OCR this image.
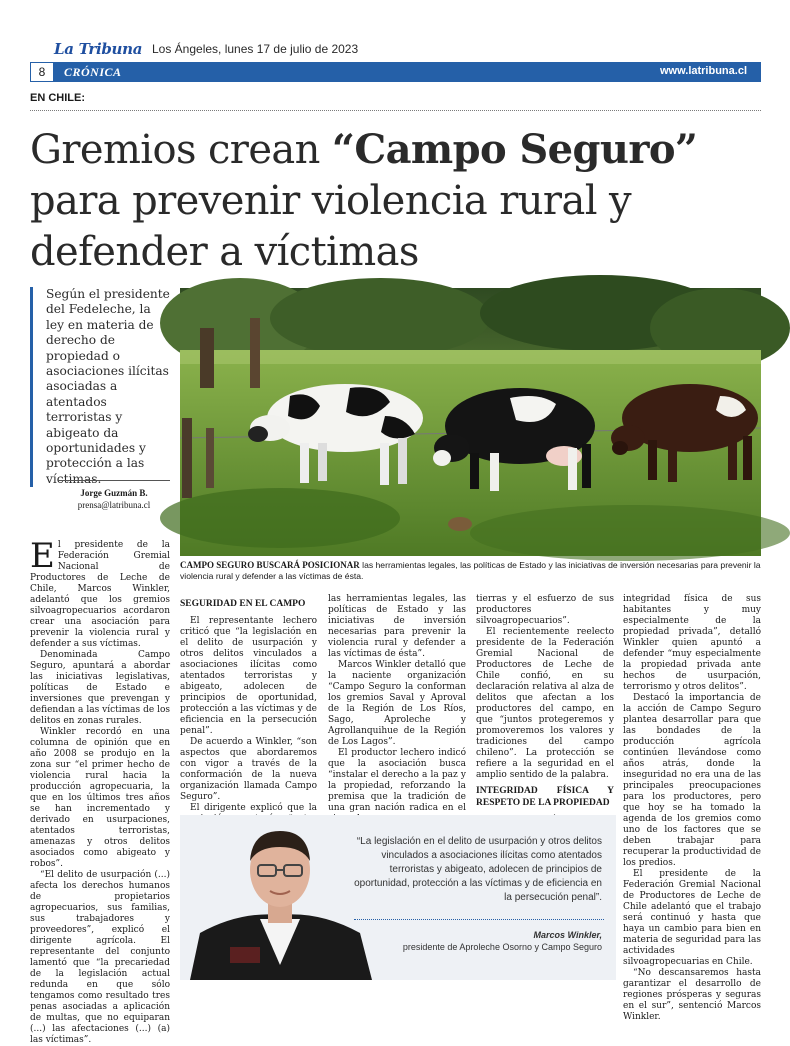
La Tribuna Los Ángeles, lunes 17 de julio de 2023
8	CRÓNICA	www.latribuna.cl
EN CHILE:
Gremios crean “Campo Seguro” para prevenir violencia rural y defender a víctimas
Según el presidente del Fedeleche, la ley en materia de derecho de propiedad o asociaciones ilícitas asociadas a atentados terroristas y abigeato da oportunidades y protección a las víctimas.
Jorge Guzmán B.
prensa@latribuna.cl
CAMPO SEGURO BUSCARÁ POSICIONAR las herramientas legales, las políticas de Estado y las iniciativas de inversión necesarias para prevenir la violencia rural y defender a las víctimas de ésta.

El presidente de la Federación Gremial Nacional de Productores de Leche de Chile, Marcos Winkler, adelantó que los gremios silvoagropecuarios acordaron crear una asociación para prevenir la violencia rural y defender a sus víctimas.

Denominada Campo Seguro, apuntará a abordar las iniciativas legislativas, políticas de Estado e inversiones que prevengan y defiendan a las víctimas de los delitos en zonas rurales.

Winkler recordó en una columna de opinión que en año 2008 se produjo en la zona sur “el primer hecho de violencia rural hacia la producción agropecuaria, la que en los últimos tres años se han incrementado y derivado en usurpaciones, atentados terroristas, amenazas y otros delitos asociados como abigeato y robos”.

“El delito de usurpación (...) afecta los derechos humanos de propietarios agropecuarios, sus familias, sus trabajadores y proveedores”, explicó el dirigente agrícola. El representante del conjunto lamentó que “la precariedad de la legislación actual redunda en que sólo tengamos como resultado tres penas asociadas a aplicación de multas, que no equiparan (...) las afectaciones (...) (a) las víctimas”.

SEGURIDAD EN EL CAMPO

El representante lechero criticó que “la legislación en el delito de usurpación y otros delitos vinculados a asociaciones ilícitas como atentados terroristas y abigeato, adolecen de principios de oportunidad, protección a las víctimas y de eficiencia en la persecución penal”.

De acuerdo a Winkler, “son aspectos que abordaremos con vigor a través de la conformación de la nueva organización llamada Campo Seguro”.

El dirigente explicó que la

las herramientas legales, las políticas de Estado y las iniciativas de inversión necesarias para prevenir la violencia rural y defender a las víctimas de ésta”.

Marcos Winkler detalló que la naciente organización “Campo Seguro la conforman los gremios Saval y Aproval de la Región de Los Ríos, Sago, Aproleche y Agrollanquihue de la Región de Los Lagos”.

El productor lechero indicó que la asociación busca “instalar el derecho a la paz y la propiedad, reforzando la premisa que la tradición de una gran nación radica en el

tierras y el esfuerzo de sus productores silvoagropecuarios”.

El recientemente reelecto presidente de la Federación Gremial Nacional de Productores de Leche de Chile confió, en su declaración relativa al alza de delitos que afectan a los productores del campo, en que “juntos protegeremos y promoveremos los valores y tradiciones del campo chileno”. La protección se refiere a la seguridad en el amplio sentido de la palabra.

INTEGRIDAD FÍSICA Y RESPETO DE LA PROPIEDAD

integridad física de sus habitantes y muy especialmente de la propiedad privada”, detalló Winkler quien apuntó a defender “muy especialmente la propiedad privada ante hechos de usurpación, terrorismo y otros delitos”.

Destacó la importancia de la acción de Campo Seguro plantea desarrollar para que las bondades de la producción agrícola continúen llevándose como años atrás, donde la inseguridad no era una de las principales preocupaciones para los productores, pero que hoy se ha tomado la agenda de los gremios como uno de los factores que se deben trabajar para recuperar la productividad de los predios.

El presidente de la Federación Gremial Nacional de Productores de Leche de Chile adelantó que el trabajo será continuó y hasta que haya un cambio para bien en materia de seguridad para las actividades silvoagropecuarias en Chile.

“No descansaremos hasta garantizar el desarrollo de regiones prósperas y seguras en el sur”, sentenció Marcos Winkler.

“La legislación en el delito de usurpación y otros delitos vinculados a asociaciones ilícitas como atentados terroristas y abigeato, adolecen de principios de oportunidad, protección a las víctimas y de eficiencia en la persecución penal”.
Marcos Winkler,
presidente de Aproleche Osorno y Campo Seguro
